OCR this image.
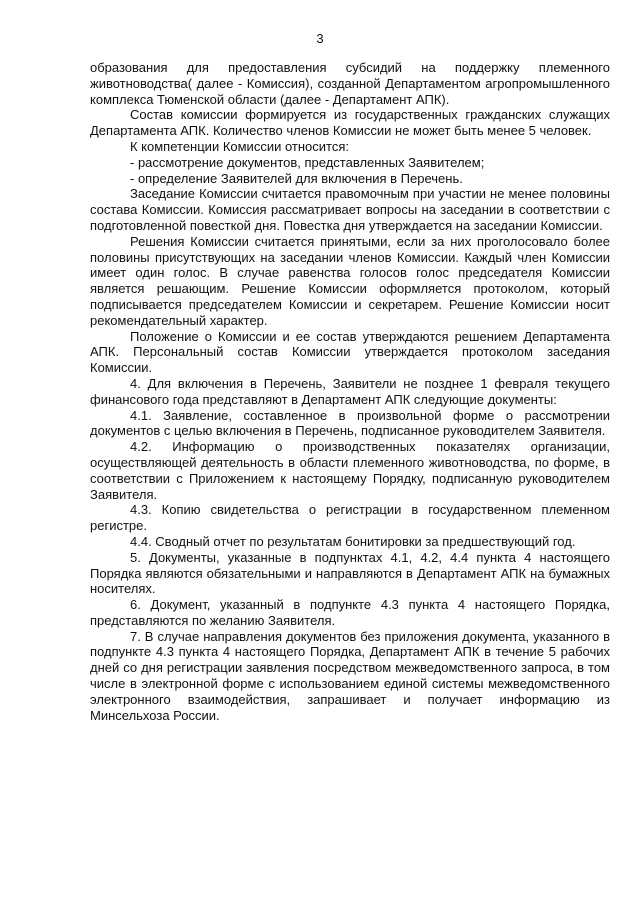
3

образования для предоставления субсидий на поддержку племенного животноводства( далее - Комиссия), созданной Департаментом агропромышленного комплекса Тюменской области (далее - Департамент АПК).

Состав комиссии формируется из государственных гражданских служащих Департамента АПК. Количество членов Комиссии не может быть менее 5 человек.

К компетенции Комиссии относится:

- рассмотрение документов, представленных Заявителем;

- определение Заявителей для включения в Перечень.

Заседание Комиссии считается правомочным при участии не менее половины состава Комиссии. Комиссия рассматривает вопросы на заседании в соответствии с подготовленной повесткой дня. Повестка дня утверждается на заседании Комиссии.

Решения Комиссии считается принятыми, если за них проголосовало более половины присутствующих на заседании членов Комиссии. Каждый член Комиссии имеет один голос. В случае равенства голосов голос председателя Комиссии является решающим. Решение Комиссии оформляется протоколом, который подписывается председателем Комиссии и секретарем. Решение Комиссии носит рекомендательный характер.

Положение о Комиссии и ее состав утверждаются решением Департамента АПК. Персональный состав Комиссии утверждается протоколом заседания Комиссии.

4. Для включения в Перечень, Заявители не позднее 1 февраля текущего финансового года представляют в Департамент АПК следующие документы:

4.1. Заявление, составленное в произвольной форме о рассмотрении документов с целью включения в Перечень, подписанное руководителем Заявителя.

4.2. Информацию о производственных показателях организации, осуществляющей деятельность в области племенного животноводства, по форме, в соответствии с Приложением к настоящему Порядку, подписанную руководителем Заявителя.

4.3. Копию свидетельства о регистрации в государственном племенном регистре.

4.4. Сводный отчет по результатам бонитировки за предшествующий год.

5. Документы, указанные в подпунктах 4.1, 4.2, 4.4 пункта 4 настоящего Порядка являются обязательными и направляются в Департамент АПК на бумажных носителях.

6. Документ, указанный в подпункте 4.3 пункта 4 настоящего Порядка, представляются по желанию Заявителя.

7. В случае направления документов без приложения документа, указанного в подпункте 4.3 пункта 4 настоящего Порядка, Департамент АПК в течение 5 рабочих дней со дня регистрации заявления посредством межведомственного запроса, в том числе в электронной форме с использованием единой системы межведомственного электронного взаимодействия, запрашивает и получает информацию из Минсельхоза России.
